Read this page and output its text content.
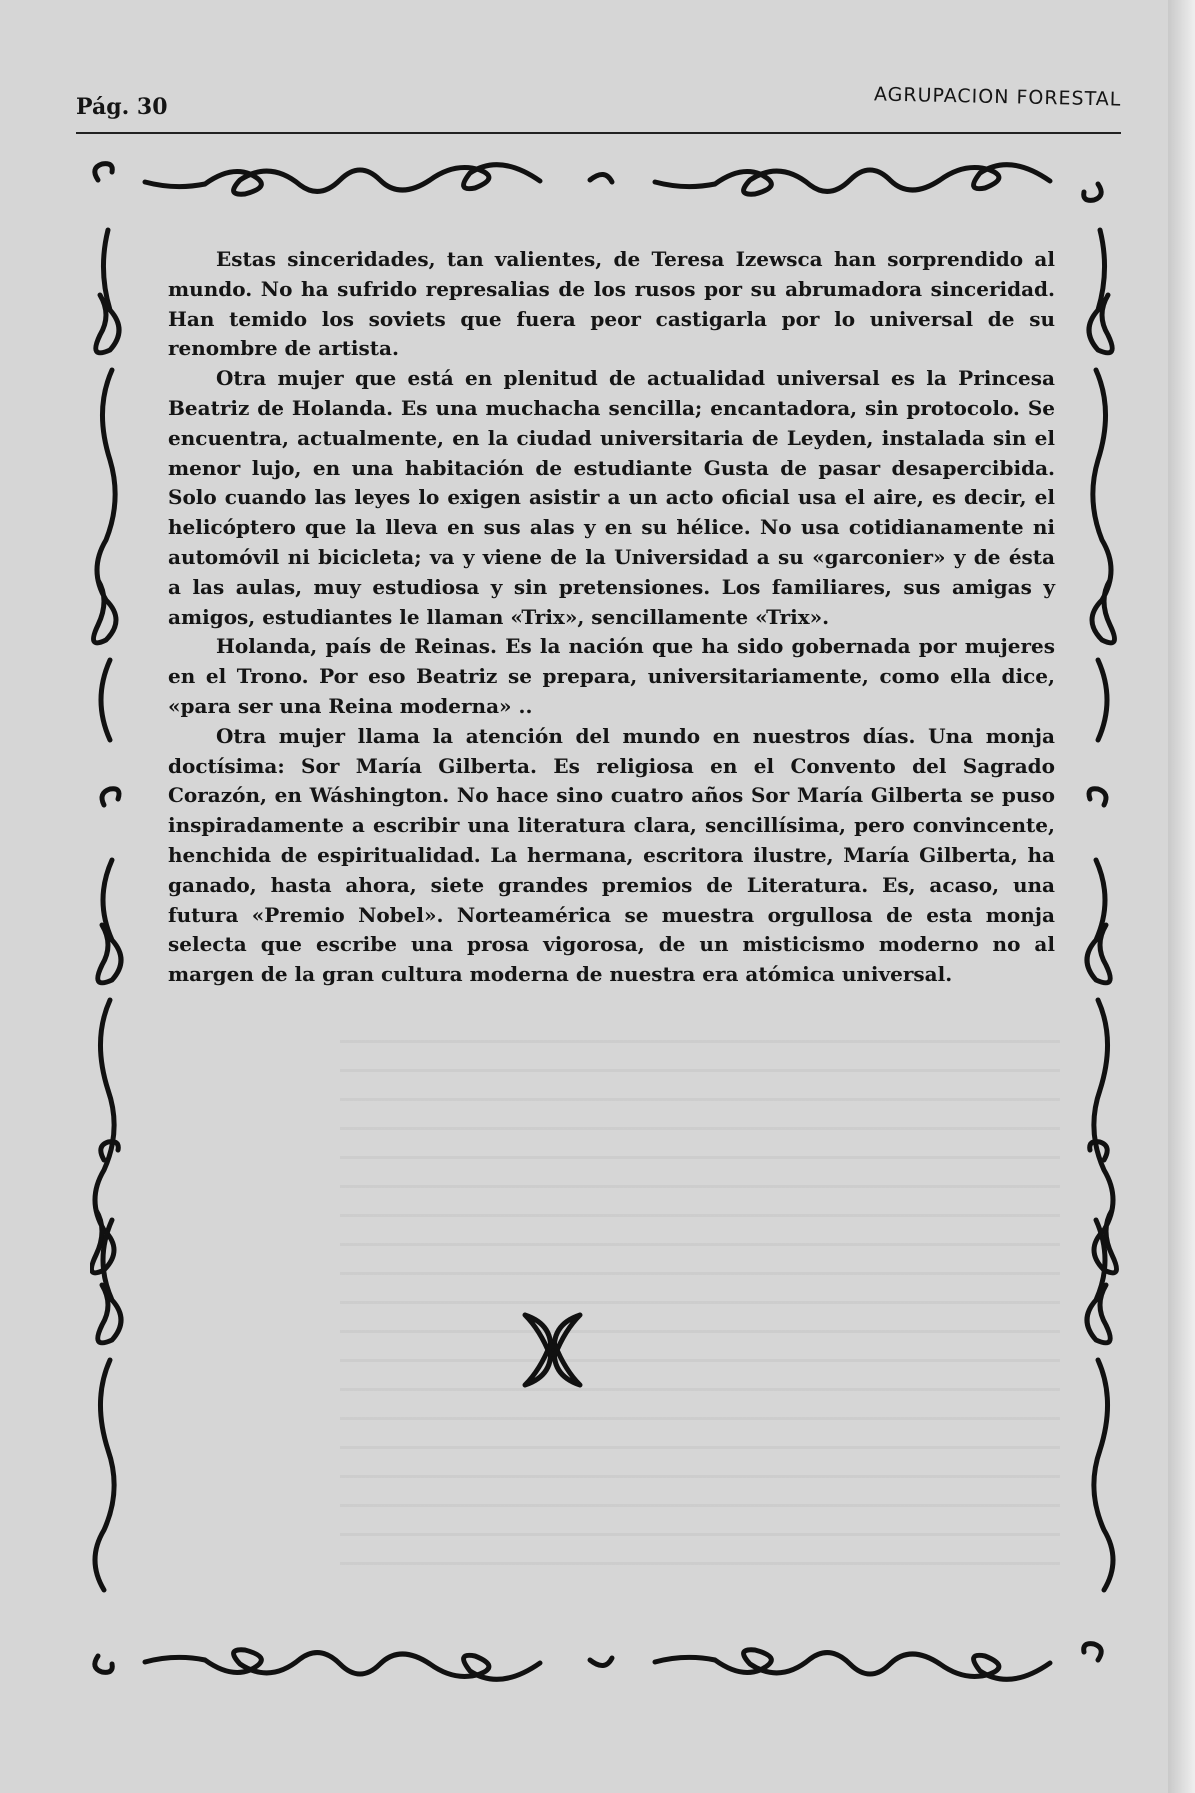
Pág. 30	AGRUPACION FORESTAL

Estas sinceridades, tan valientes, de Teresa Izewsca han sorprendido al mundo. No ha sufrido represalias de los rusos por su abrumadora sinceridad. Han temido los soviets que fuera peor castigarla por lo universal de su renombre de artista.

Otra mujer que está en plenitud de actualidad universal es la Princesa Beatriz de Holanda. Es una muchacha sencilla; encantadora, sin protocolo. Se encuentra, actualmente, en la ciudad universitaria de Leyden, instalada sin el menor lujo, en una habitación de estudiante Gusta de pasar desapercibida. Solo cuando las leyes lo exigen asistir a un acto oficial usa el aire, es decir, el helicóptero que la lleva en sus alas y en su hélice. No usa cotidianamente ni automóvil ni bicicleta; va y viene de la Universidad a su «garconier» y de ésta a las aulas, muy estudiosa y sin pretensiones. Los familiares, sus amigas y amigos, estudiantes le llaman «Trix», sencillamente «Trix».

Holanda, país de Reinas. Es la nación que ha sido gobernada por mujeres en el Trono. Por eso Beatriz se prepara, universitariamente, como ella dice, «para ser una Reina moderna» ..

Otra mujer llama la atención del mundo en nuestros días. Una monja doctísima: Sor María Gilberta. Es religiosa en el Convento del Sagrado Corazón, en Wáshington. No hace sino cuatro años Sor María Gilberta se puso inspiradamente a escribir una literatura clara, sencillísima, pero convincente, henchida de espiritualidad. La hermana, escritora ilustre, María Gilberta, ha ganado, hasta ahora, siete grandes premios de Literatura. Es, acaso, una futura «Premio Nobel». Norteamérica se muestra orgullosa de esta monja selecta que escribe una prosa vigorosa, de un misticismo moderno no al margen de la gran cultura moderna de nuestra era atómica universal.
